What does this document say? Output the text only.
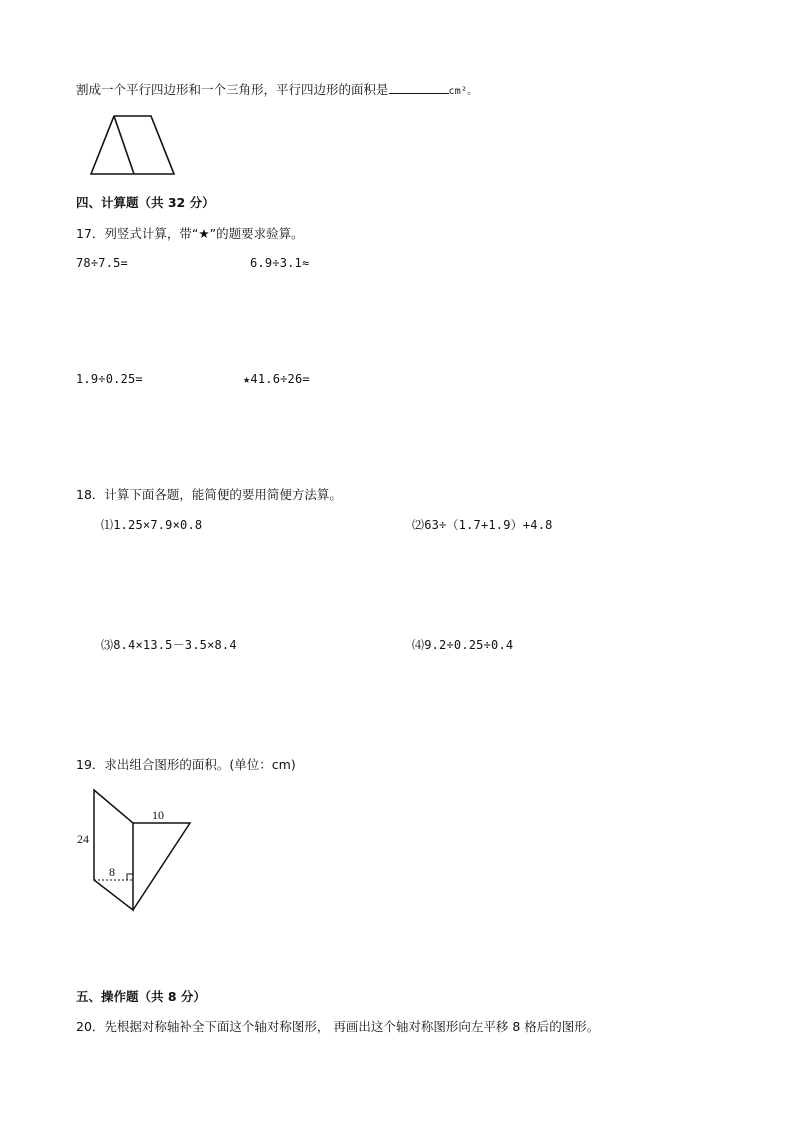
割成一个平行四边形和一个三角形，平行四边形的面积是	cm²。
四、计算题（共 32 分）
17．列竖式计算，带“★”的题要求验算。
78÷7.5=	6.9÷3.1≈
1.9÷0.25=	★41.6÷26=
18．计算下面各题，能简便的要用简便方法算。
⑴1.25×7.9×0.8	⑵63÷（1.7+1.9）+4.8
⑶8.4×13.5－3.5×8.4	⑷9.2÷0.25÷0.4
19．求出组合图形的面积。(单位：cm)
24
10
8
五、操作题（共 8 分）
20．先根据对称轴补全下面这个轴对称图形， 再画出这个轴对称图形向左平移 8 格后的图形。
